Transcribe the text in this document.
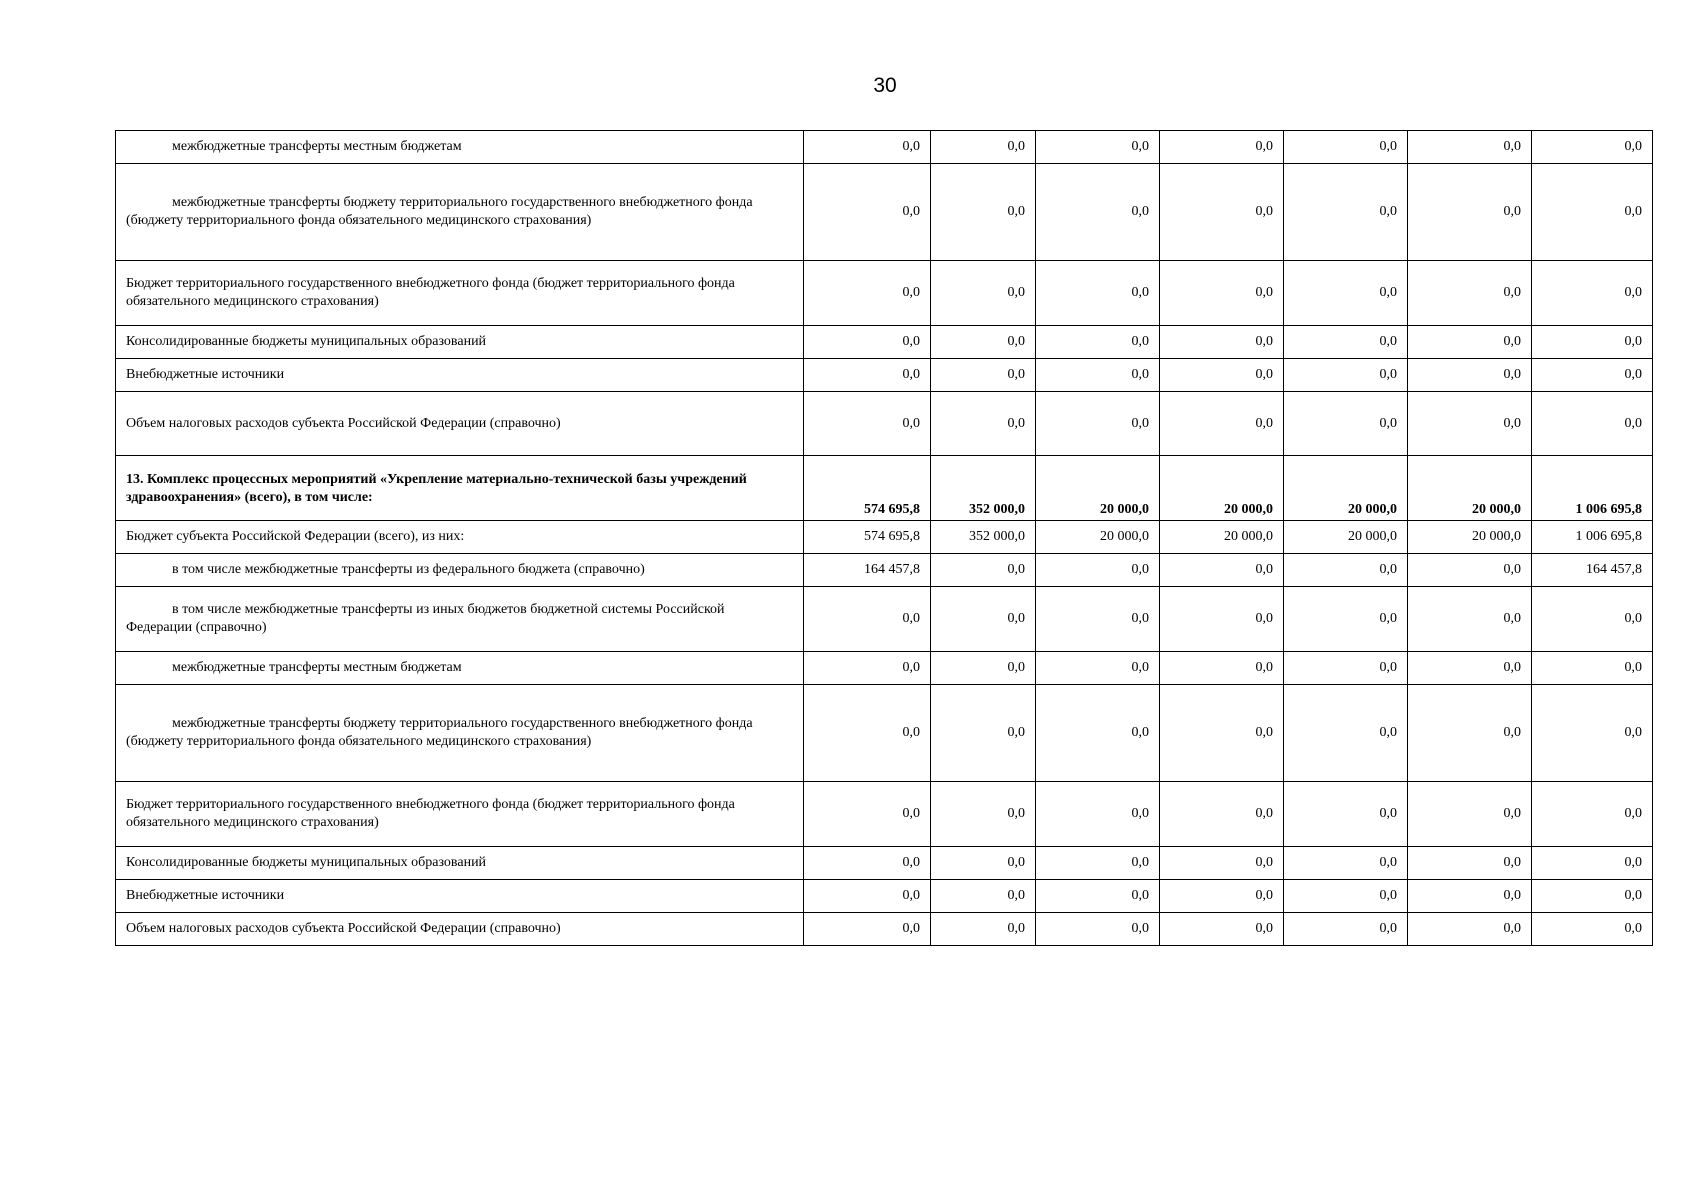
30
межбюджетные трансферты местным бюджетам	0,0	0,0	0,0	0,0	0,0	0,0	0,0
межбюджетные трансферты бюджету территориального государственного внебюджетного фонда (бюджету территориального фонда обязательного медицинского страхования)	0,0	0,0	0,0	0,0	0,0	0,0	0,0
Бюджет территориального государственного внебюджетного фонда (бюджет территориального фонда обязательного медицинского страхования)	0,0	0,0	0,0	0,0	0,0	0,0	0,0
Консолидированные бюджеты муниципальных образований	0,0	0,0	0,0	0,0	0,0	0,0	0,0
Внебюджетные источники	0,0	0,0	0,0	0,0	0,0	0,0	0,0
Объем налоговых расходов субъекта Российской Федерации (справочно)	0,0	0,0	0,0	0,0	0,0	0,0	0,0
13. Комплекс процессных мероприятий «Укрепление материально-технической базы учреждений здравоохранения» (всего), в том числе:	574 695,8	352 000,0	20 000,0	20 000,0	20 000,0	20 000,0	1 006 695,8
Бюджет субъекта Российской Федерации (всего), из них:	574 695,8	352 000,0	20 000,0	20 000,0	20 000,0	20 000,0	1 006 695,8
в том числе межбюджетные трансферты из федерального бюджета (справочно)	164 457,8	0,0	0,0	0,0	0,0	0,0	164 457,8
в том числе межбюджетные трансферты из иных бюджетов бюджетной системы Российской Федерации (справочно)	0,0	0,0	0,0	0,0	0,0	0,0	0,0
межбюджетные трансферты местным бюджетам	0,0	0,0	0,0	0,0	0,0	0,0	0,0
межбюджетные трансферты бюджету территориального государственного внебюджетного фонда (бюджету территориального фонда обязательного медицинского страхования)	0,0	0,0	0,0	0,0	0,0	0,0	0,0
Бюджет территориального государственного внебюджетного фонда (бюджет территориального фонда обязательного медицинского страхования)	0,0	0,0	0,0	0,0	0,0	0,0	0,0
Консолидированные бюджеты муниципальных образований	0,0	0,0	0,0	0,0	0,0	0,0	0,0
Внебюджетные источники	0,0	0,0	0,0	0,0	0,0	0,0	0,0
Объем налоговых расходов субъекта Российской Федерации (справочно)	0,0	0,0	0,0	0,0	0,0	0,0	0,0
